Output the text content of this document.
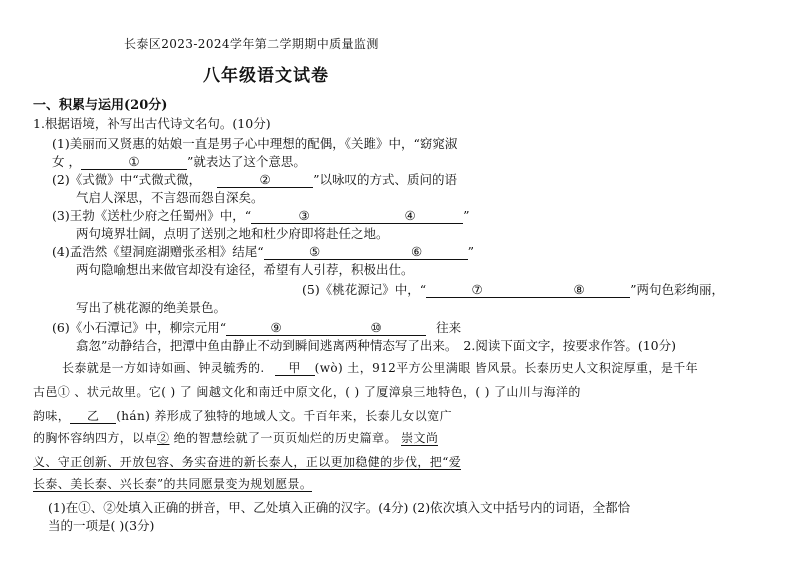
长泰区2023-2024学年第二学期期中质量监测
八年级语文试卷
一、积累与运用(20分)
1.根据语境，补写出古代诗文名句。(10分)
(1)美丽而又贤惠的姑娘一直是男子心中理想的配偶，《关雎》中，“窈窕淑
女 ，	①	”就表达了这个意思。
(2)《式微》中“式微式微，	②	”以咏叹的方式、质问的语
气启人深思，不言怨而怨自深矣。
(3)王勃《送杜少府之任蜀州》中，“	③	④	”
两句境界壮阔，点明了送别之地和杜少府即将赴任之地。
(4)孟浩然《望洞庭湖赠张丞相》结尾“	⑤	⑥	”
两句隐喻想出来做官却没有途径，希望有人引荐，积极出仕。
(5)《桃花源记》中，“	⑦	⑧	”两句色彩绚丽，
写出了桃花源的绝美景色。
(6)《小石潭记》中，柳宗元用“	⑨	⑩	往来
翕忽”动静结合，把潭中鱼由静止不动到瞬间逃离两种情态写了出来。 2.阅读下面文字，按要求作答。(10分)
长泰就是一方如诗如画、钟灵毓秀的. 甲 (wò) 土，912平方公里满眼 皆风景。长泰历史人文积淀厚重，是千年
古邑① 、状元故里。它( ) 了 闽越文化和南迁中原文化，( ) 了厦漳泉三地特色，( ) 了山川与海洋的
韵味， 乙 (hán) 养形成了独特的地域人文。千百年来，长泰儿女以宽广
的胸怀容纳四方，以卓② 绝的智慧绘就了一页页灿烂的历史篇章。 崇文尚
义、守正创新、开放包容、务实奋进的新长泰人，正以更加稳健的步伐，把“爱
长泰、美长泰、兴长泰”的共同愿景变为规划愿景。
(1)在①、②处填入正确的拼音，甲、乙处填入正确的汉字。(4分) (2)依次填入文中括号内的词语，全都恰
当的一项是( )(3分)
